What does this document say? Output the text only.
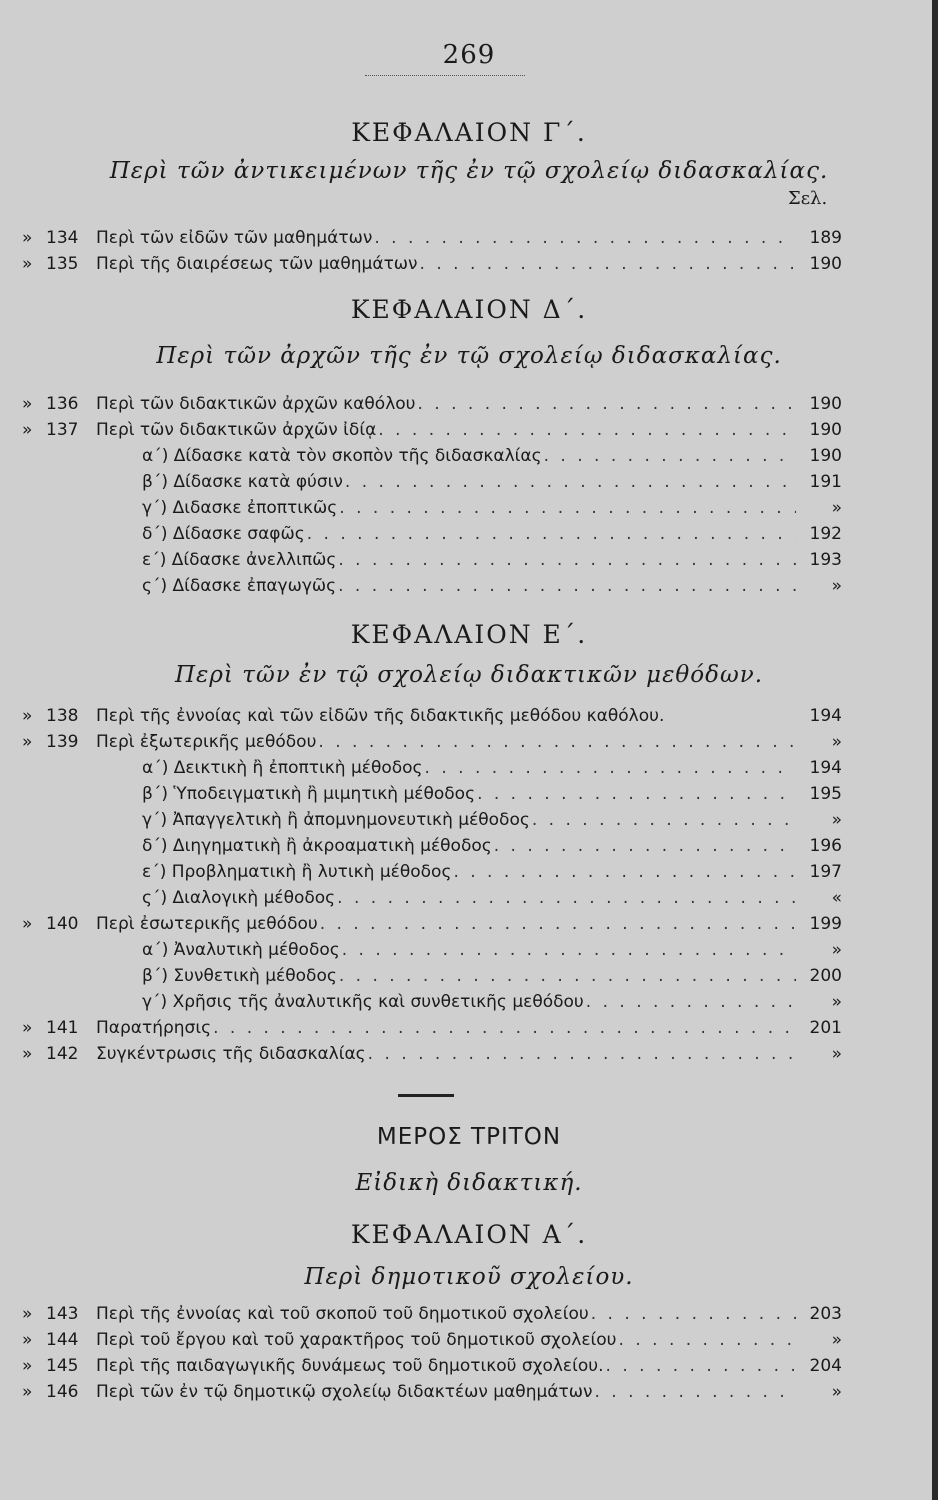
269
ΚΕΦΑΛΑΙΟΝ Γ΄.
Περὶ τῶν ἀντικειμένων τῆς ἐν τῷ σχολείῳ διδασκαλίας.
Σελ.
» 134	Περὶ τῶν εἰδῶν τῶν μαθημάτων . . .	189
» 135	Περὶ τῆς διαιρέσεως τῶν μαθημάτων . . .	190
ΚΕΦΑΛΑΙΟΝ Δ΄.
Περὶ τῶν ἀρχῶν τῆς ἐν τῷ σχολείῳ διδασκαλίας.
» 136	Περὶ τῶν διδακτικῶν ἀρχῶν καθόλου . . .	190
» 137	Περὶ τῶν διδακτικῶν ἀρχῶν ἰδίᾳ . . .	190
α΄) Δίδασκε κατὰ τὸν σκοπὸν τῆς διδασκαλίας . . .	190
β΄) Δίδασκε κατὰ φύσιν . . .	191
γ΄) Διδασκε ἐποπτικῶς . . .	»
δ΄) Δίδασκε σαφῶς . . .	192
ε΄) Δίδασκε ἀνελλιπῶς . . .	193
ς΄) Δίδασκε ἐπαγωγῶς . . .	»
ΚΕΦΑΛΑΙΟΝ Ε΄.
Περὶ τῶν ἐν τῷ σχολείῳ διδακτικῶν μεθόδων.
» 138	Περὶ τῆς ἐννοίας καὶ τῶν εἰδῶν τῆς διδακτικῆς μεθόδου καθόλου.	194
» 139	Περὶ ἐξωτερικῆς μεθόδου . . .	»
α΄) Δεικτικὴ ἢ ἐποπτικὴ μέθοδος . . .	194
β΄) Ὑποδειγματικὴ ἢ μιμητικὴ μέθοδος . . .	195
γ΄) Ἀπαγγελτικὴ ἢ ἀπομνημονευτικὴ μέθοδος . . .	»
δ΄) Διηγηματικὴ ἢ ἀκροαματικὴ μέθοδος . . .	196
ε΄) Προβληματικὴ ἢ λυτικὴ μέθοδος . . .	197
ς΄) Διαλογικὴ μέθοδος . . .	«
» 140	Περὶ ἐσωτερικῆς μεθόδου . . .	199
α΄) Ἀναλυτικὴ μέθοδος . . .	»
β΄) Συνθετικὴ μέθοδος . . .	200
γ΄) Χρῆσις τῆς ἀναλυτικῆς καὶ συνθετικῆς μεθόδου . . .	»
» 141	Παρατήρησις . . .	201
» 142	Συγκέντρωσις τῆς διδασκαλίας . . .	»
ΜΕΡΟΣ ΤΡΙΤΟΝ
Εἰδικὴ διδακτική.
ΚΕΦΑΛΑΙΟΝ Α΄.
Περὶ δημοτικοῦ σχολείου.
» 143	Περὶ τῆς ἐννοίας καὶ τοῦ σκοποῦ τοῦ δημοτικοῦ σχολείου . . .	203
» 144	Περὶ τοῦ ἔργου καὶ τοῦ χαρακτῆρος τοῦ δημοτικοῦ σχολείου . . .	»
» 145	Περὶ τῆς παιδαγωγικῆς δυνάμεως τοῦ δημοτικοῦ σχολείου. . . .	204
» 146	Περὶ τῶν ἐν τῷ δημοτικῷ σχολείῳ διδακτέων μαθημάτων . . .	»
